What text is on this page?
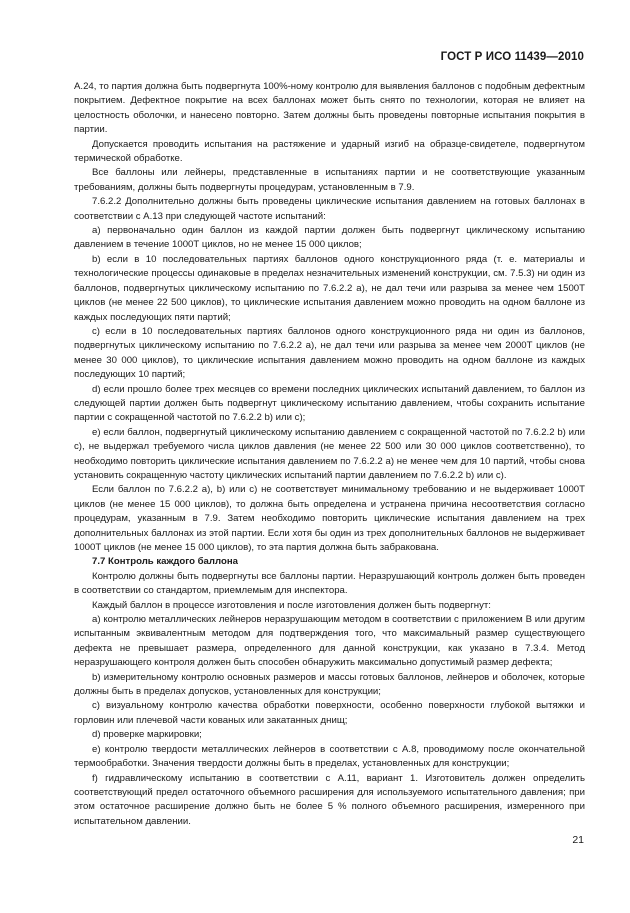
ГОСТ Р ИСО 11439—2010

А.24, то партия должна быть подвергнута 100%-ному контролю для выявления баллонов с подобным дефектным покрытием. Дефектное покрытие на всех баллонах может быть снято по технологии, которая не влияет на целостность оболочки, и нанесено повторно. Затем должны быть проведены повторные испытания покрытия в партии.

Допускается проводить испытания на растяжение и ударный изгиб на образце-свидетеле, подвергнутом термической обработке.

Все баллоны или лейнеры, представленные в испытаниях партии и не соответствующие указанным требованиям, должны быть подвергнуты процедурам, установленным в 7.9.

7.6.2.2 Дополнительно должны быть проведены циклические испытания давлением на готовых баллонах в соответствии с А.13 при следующей частоте испытаний:

a) первоначально один баллон из каждой партии должен быть подвергнут циклическому испытанию давлением в течение 1000Т циклов, но не менее 15 000 циклов;

b) если в 10 последовательных партиях баллонов одного конструкционного ряда (т. е. материалы и технологические процессы одинаковые в пределах незначительных изменений конструкции, см. 7.5.3) ни один из баллонов, подвергнутых циклическому испытанию по 7.6.2.2 a), не дал течи или разрыва за менее чем 1500Т циклов (не менее 22 500 циклов), то циклические испытания давлением можно проводить на одном баллоне из каждых последующих пяти партий;

c) если в 10 последовательных партиях баллонов одного конструкционного ряда ни один из баллонов, подвергнутых циклическому испытанию по 7.6.2.2 a), не дал течи или разрыва за менее чем 2000Т циклов (не менее 30 000 циклов), то циклические испытания давлением можно проводить на одном баллоне из каждых последующих 10 партий;

d) если прошло более трех месяцев со времени последних циклических испытаний давлением, то баллон из следующей партии должен быть подвергнут циклическому испытанию давлением, чтобы сохранить испытание партии с сокращенной частотой по 7.6.2.2 b) или c);

e) если баллон, подвергнутый циклическому испытанию давлением с сокращенной частотой по 7.6.2.2 b) или c), не выдержал требуемого числа циклов давления (не менее 22 500 или 30 000 циклов соответственно), то необходимо повторить циклические испытания давлением по 7.6.2.2 a) не менее чем для 10 партий, чтобы снова установить сокращенную частоту циклических испытаний партии давлением по 7.6.2.2 b) или c).

Если баллон по 7.6.2.2 a), b) или c) не соответствует минимальному требованию и не выдерживает 1000Т циклов (не менее 15 000 циклов), то должна быть определена и устранена причина несоответствия согласно процедурам, указанным в 7.9. Затем необходимо повторить циклические испытания давлением на трех дополнительных баллонах из этой партии. Если хотя бы один из трех дополнительных баллонов не выдерживает 1000Т циклов (не менее 15 000 циклов), то эта партия должна быть забракована.

7.7 Контроль каждого баллона

Контролю должны быть подвергнуты все баллоны партии. Неразрушающий контроль должен быть проведен в соответствии со стандартом, приемлемым для инспектора.

Каждый баллон в процессе изготовления и после изготовления должен быть подвергнут:

a) контролю металлических лейнеров неразрушающим методом в соответствии с приложением В или другим испытанным эквивалентным методом для подтверждения того, что максимальный размер существующего дефекта не превышает размера, определенного для данной конструкции, как указано в 7.3.4. Метод неразрушающего контроля должен быть способен обнаружить максимально допустимый размер дефекта;

b) измерительному контролю основных размеров и массы готовых баллонов, лейнеров и оболочек, которые должны быть в пределах допусков, установленных для конструкции;

c) визуальному контролю качества обработки поверхности, особенно поверхности глубокой вытяжки и горловин или плечевой части кованых или закатанных днищ;

d) проверке маркировки;

e) контролю твердости металлических лейнеров в соответствии с А.8, проводимому после окончательной термообработки. Значения твердости должны быть в пределах, установленных для конструкции;

f) гидравлическому испытанию в соответствии с А.11, вариант 1. Изготовитель должен определить соответствующий предел остаточного объемного расширения для используемого испытательного давления; при этом остаточное расширение должно быть не более 5 % полного объемного расширения, измеренного при испытательном давлении.

21
